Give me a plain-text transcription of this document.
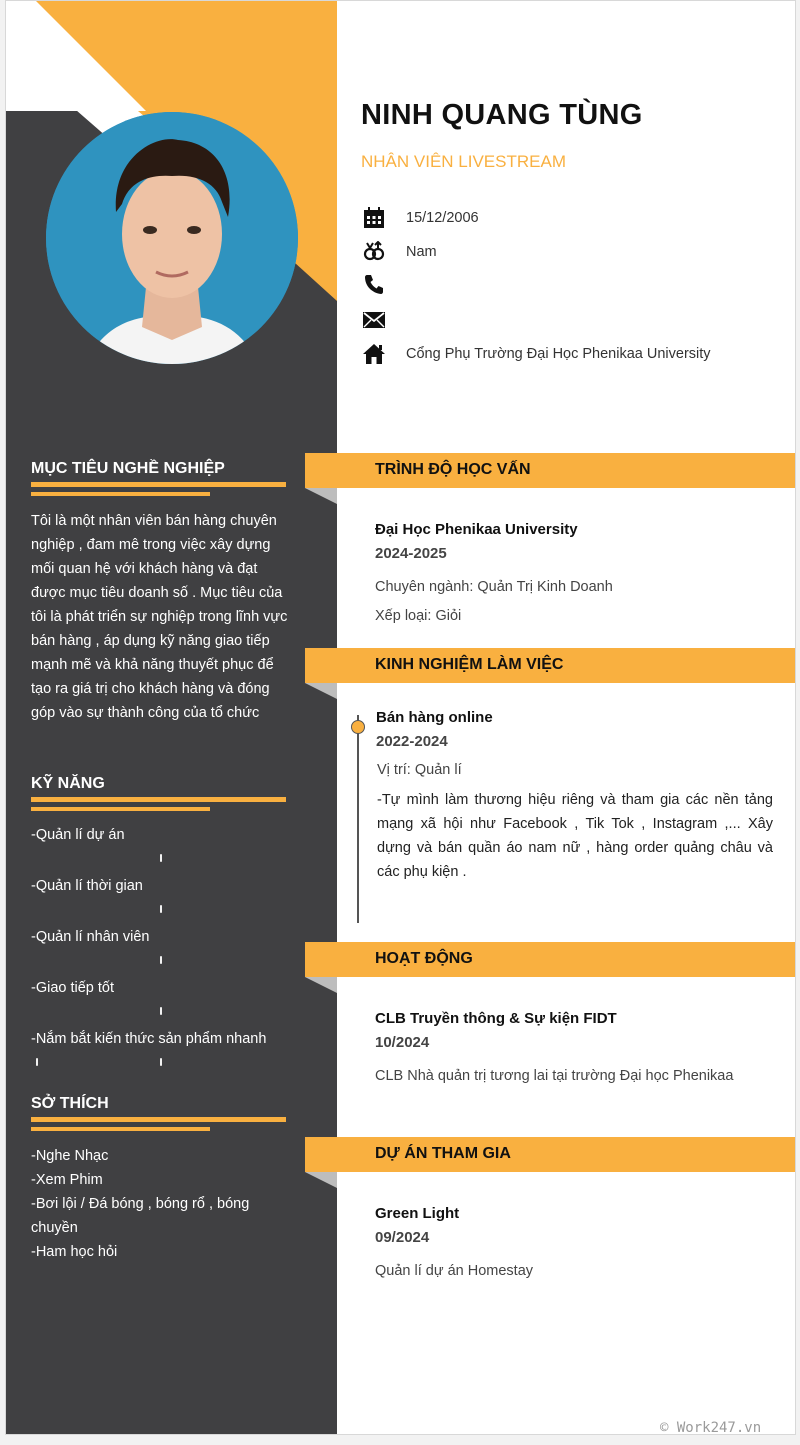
NINH QUANG TÙNG
NHÂN VIÊN LIVESTREAM
15/12/2006
Nam
Cổng Phụ Trường Đại Học Phenikaa University
MỤC TIÊU NGHỀ NGHIỆP
Tôi là một nhân viên bán hàng chuyên nghiệp , đam mê trong việc xây dựng mối quan hệ với khách hàng và đạt được mục tiêu doanh số . Mục tiêu của tôi là phát triển sự nghiệp trong lĩnh vực bán hàng , áp dụng kỹ năng giao tiếp mạnh mẽ và khả năng thuyết phục để tạo ra giá trị cho khách hàng và đóng góp vào sự thành công của tổ chức
KỸ NĂNG
-Quản lí dự án
-Quản lí thời gian
-Quản lí nhân viên
-Giao tiếp tốt
-Nắm bắt kiến thức sản phẩm nhanh
SỞ THÍCH
-Nghe Nhạc
-Xem Phim
-Bơi lội / Đá bóng , bóng rổ , bóng chuyền
-Ham học hỏi
TRÌNH ĐỘ HỌC VẤN
Đại Học Phenikaa University
2024-2025
Chuyên ngành: Quản Trị Kinh Doanh
Xếp loại: Giỏi
KINH NGHIỆM LÀM VIỆC
Bán hàng online
2022-2024
Vị trí: Quản lí
-Tự mình làm thương hiệu riêng và tham gia các nền tảng mạng xã hội như Facebook , Tik Tok , Instagram ,... Xây dựng và bán quần áo nam nữ , hàng order quảng châu và các phụ kiện .
HOẠT ĐỘNG
CLB Truyền thông & Sự kiện FIDT
10/2024
CLB Nhà quản trị tương lai tại trường Đại học Phenikaa
DỰ ÁN THAM GIA
Green Light
09/2024
Quản lí dự án Homestay
© Work247.vn
